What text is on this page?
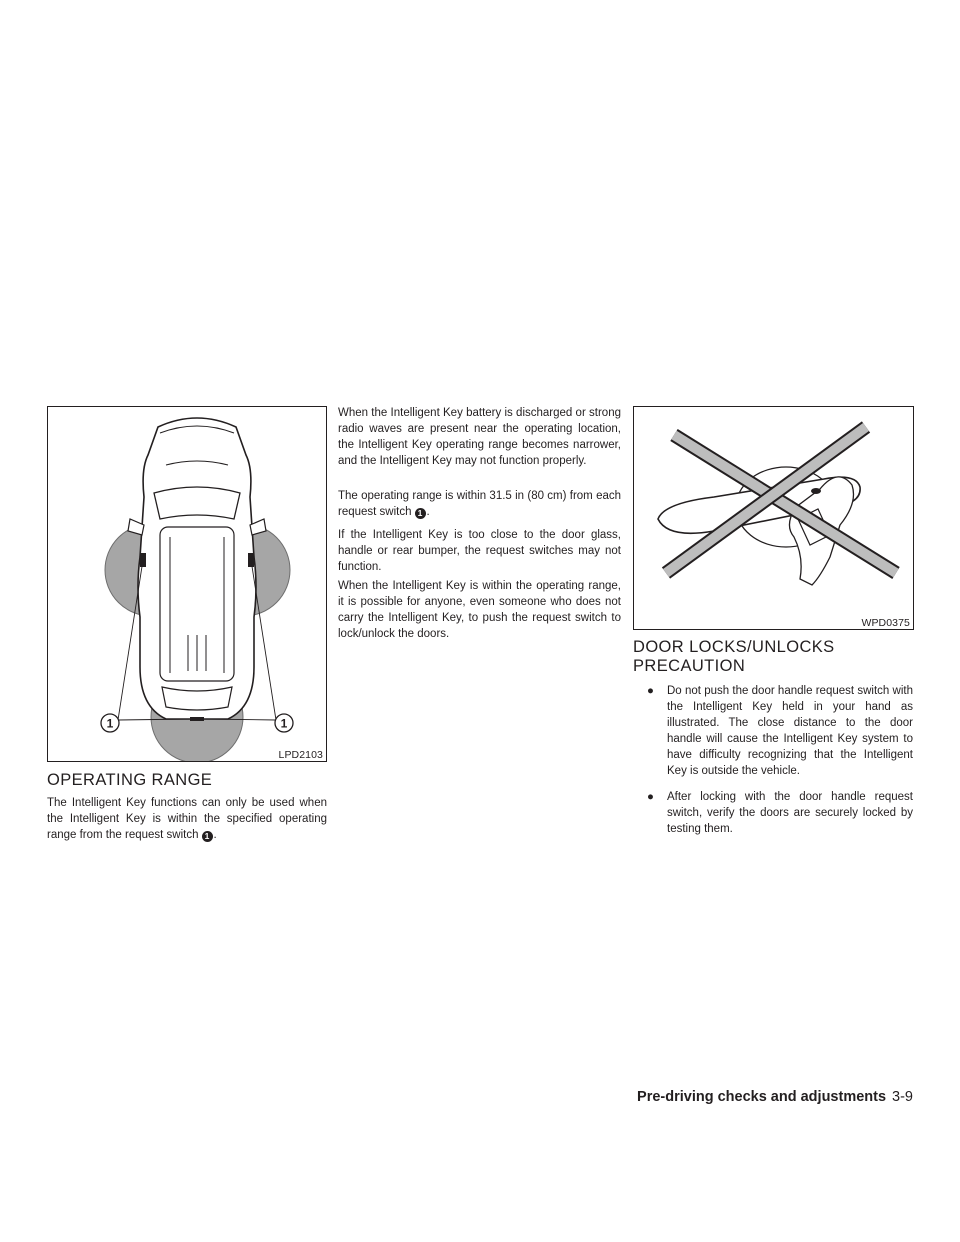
1	1
LPD2103
OPERATING RANGE

The Intelligent Key functions can only be used when the Intelligent Key is within the specified operating range from the request switch 1 .

When the Intelligent Key battery is discharged or strong radio waves are present near the operating location, the Intelligent Key operating range becomes narrower, and the Intelligent Key may not function properly.

The operating range is within 31.5 in (80 cm) from each request switch 1 .

If the Intelligent Key is too close to the door glass, handle or rear bumper, the request switches may not function.

When the Intelligent Key is within the operating range, it is possible for anyone, even someone who does not carry the Intelligent Key, to push the request switch to lock/unlock the doors.

WPD0375
DOOR LOCKS/UNLOCKS
PRECAUTION
● Do not push the door handle request switch with the Intelligent Key held in your hand as illustrated. The close distance to the door handle will cause the Intelligent Key system to have difficulty recognizing that the Intelligent Key is outside the vehicle.
● After locking with the door handle request switch, verify the doors are securely locked by testing them.
Pre-driving checks and adjustments 3-9
